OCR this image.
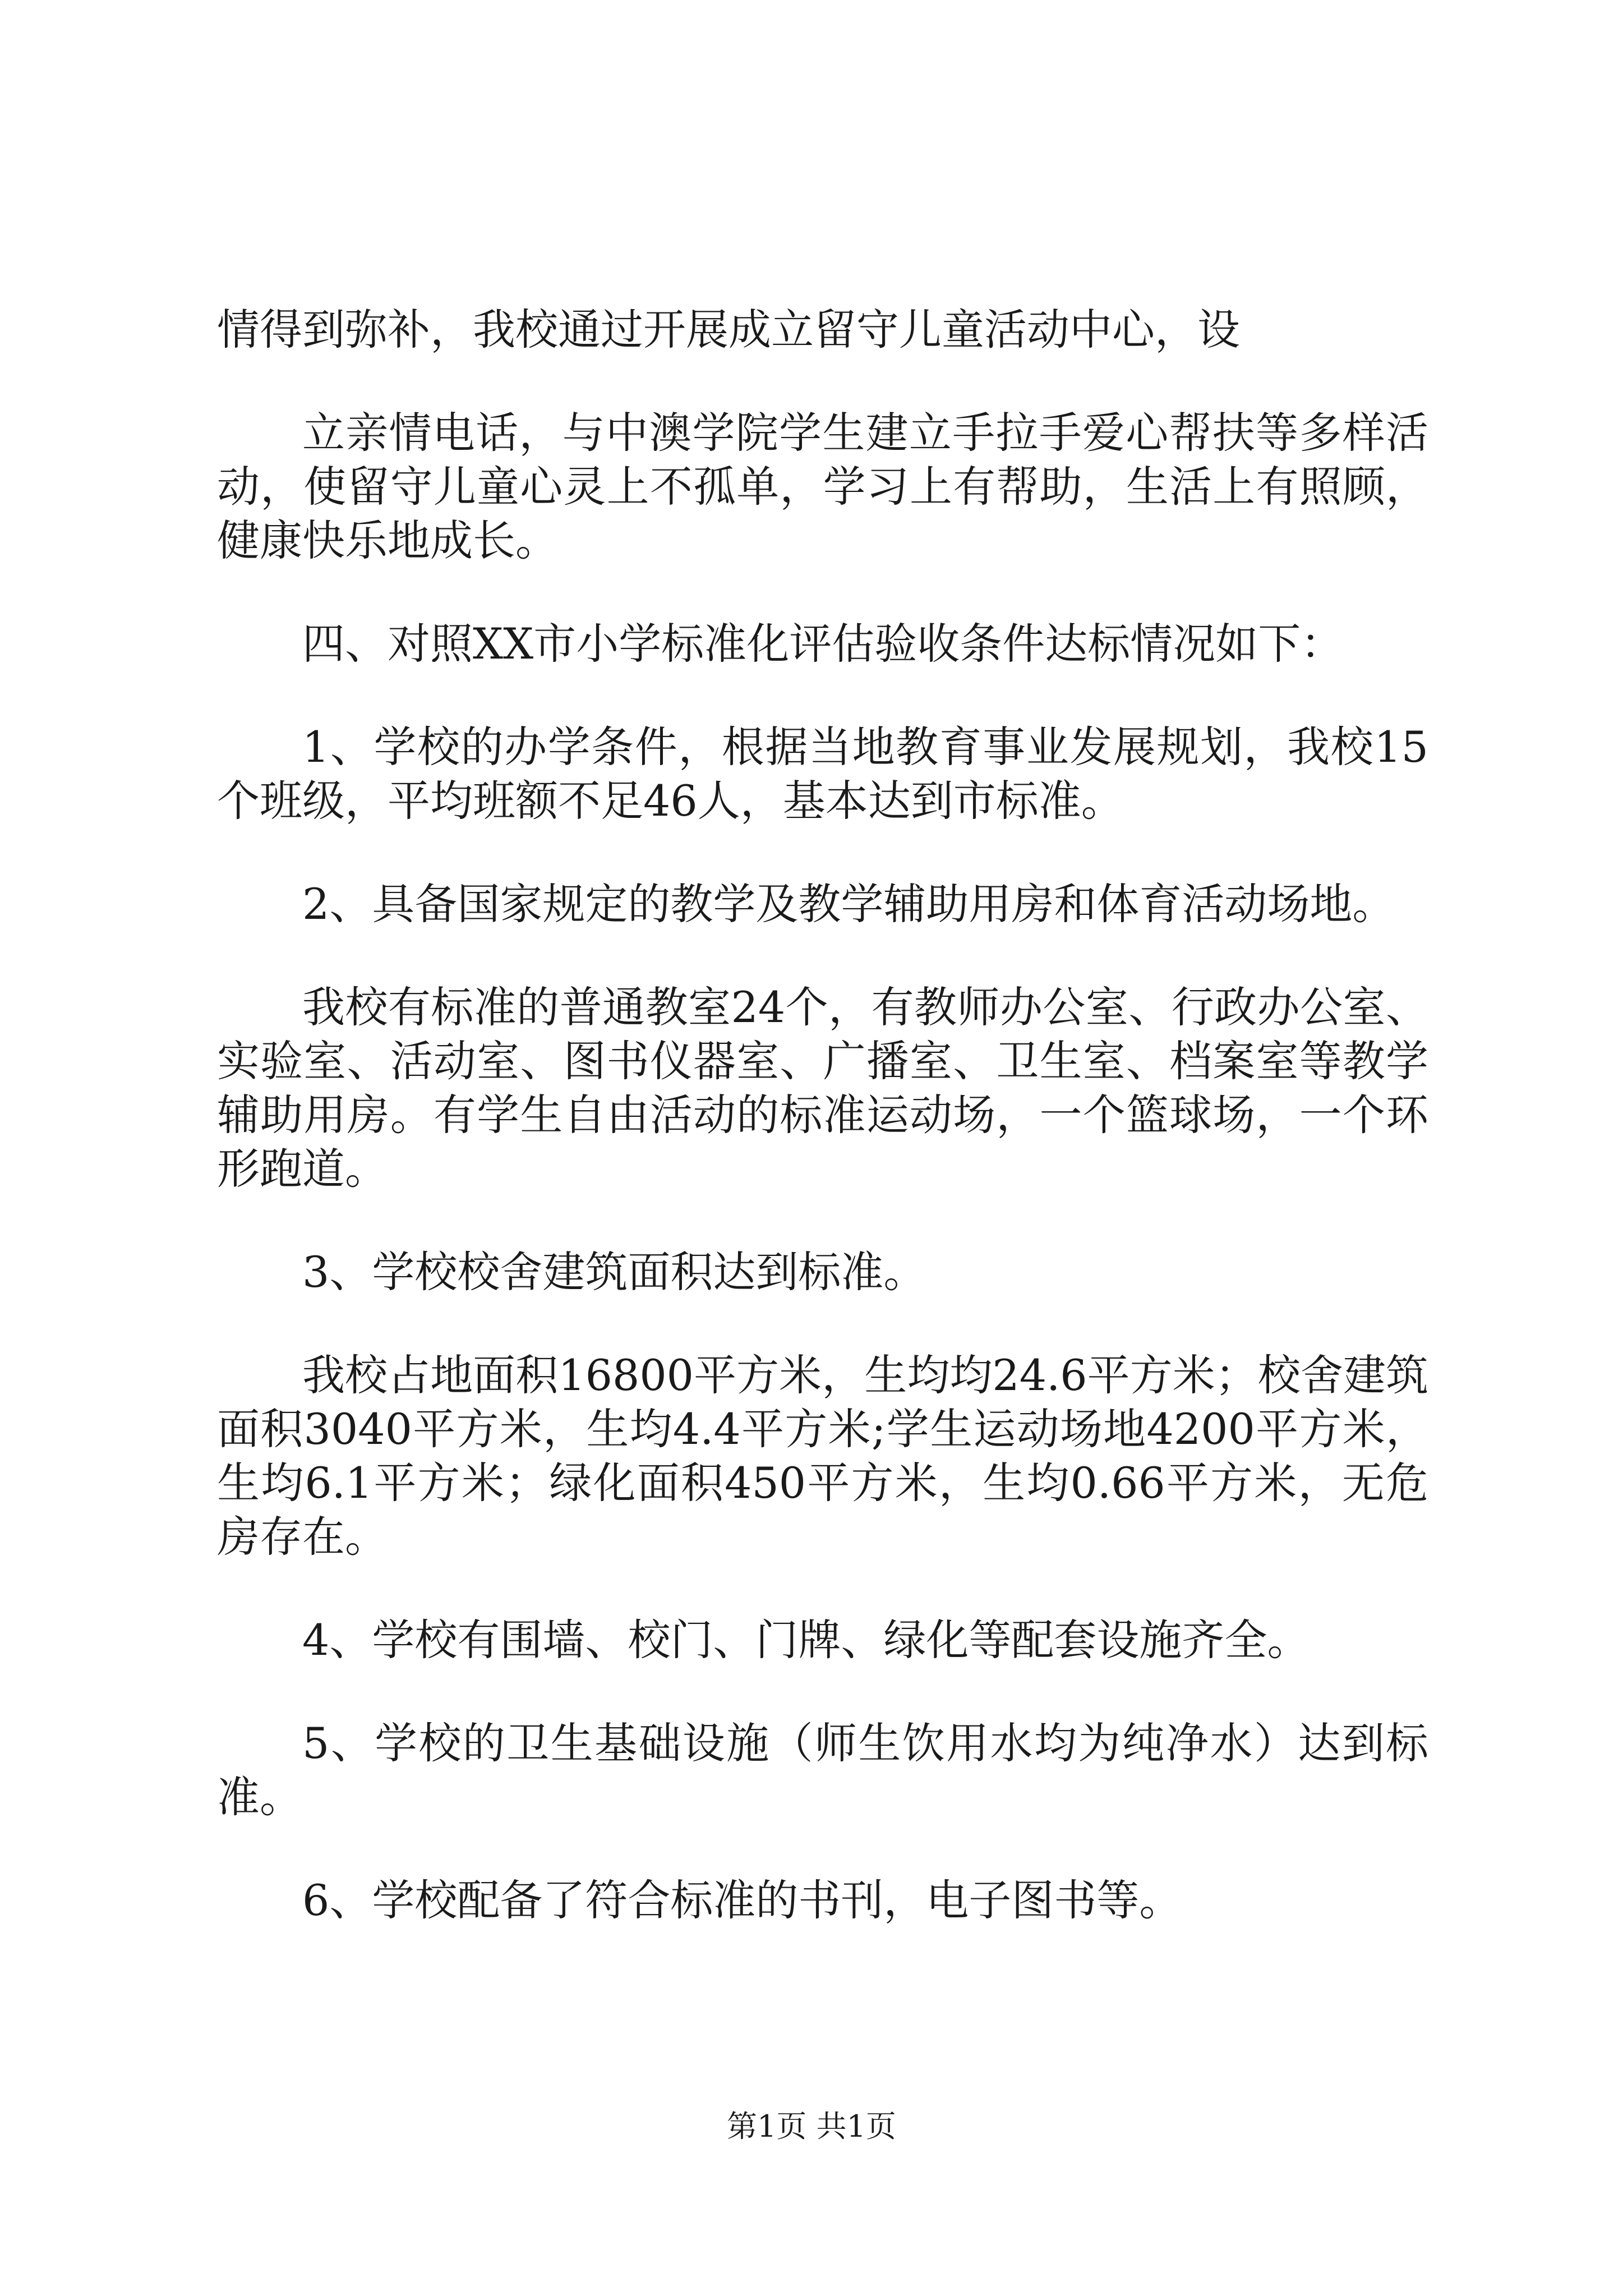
情得到弥补，我校通过开展成立留守儿童活动中心，设

立亲情电话，与中澳学院学生建立手拉手爱心帮扶等多样活动，使留守儿童心灵上不孤单，学习上有帮助，生活上有照顾，健康快乐地成长。

四、对照XX市小学标准化评估验收条件达标情况如下：

1、学校的办学条件，根据当地教育事业发展规划，我校15个班级，平均班额不足46人，基本达到市标准。

2、具备国家规定的教学及教学辅助用房和体育活动场地。

我校有标准的普通教室24个，有教师办公室、行政办公室、实验室、活动室、图书仪器室、广播室、卫生室、档案室等教学辅助用房。有学生自由活动的标准运动场，一个篮球场，一个环形跑道。

3、学校校舍建筑面积达到标准。

我校占地面积16800平方米，生均均24.6平方米；校舍建筑面积3040平方米，生均4.4平方米;学生运动场地4200平方米，生均6.1平方米；绿化面积450平方米，生均0.66平方米，无危房存在。

4、学校有围墙、校门、门牌、绿化等配套设施齐全。

5、学校的卫生基础设施（师生饮用水均为纯净水）达到标准。

6、学校配备了符合标准的书刊，电子图书等。

第1页 共1页
